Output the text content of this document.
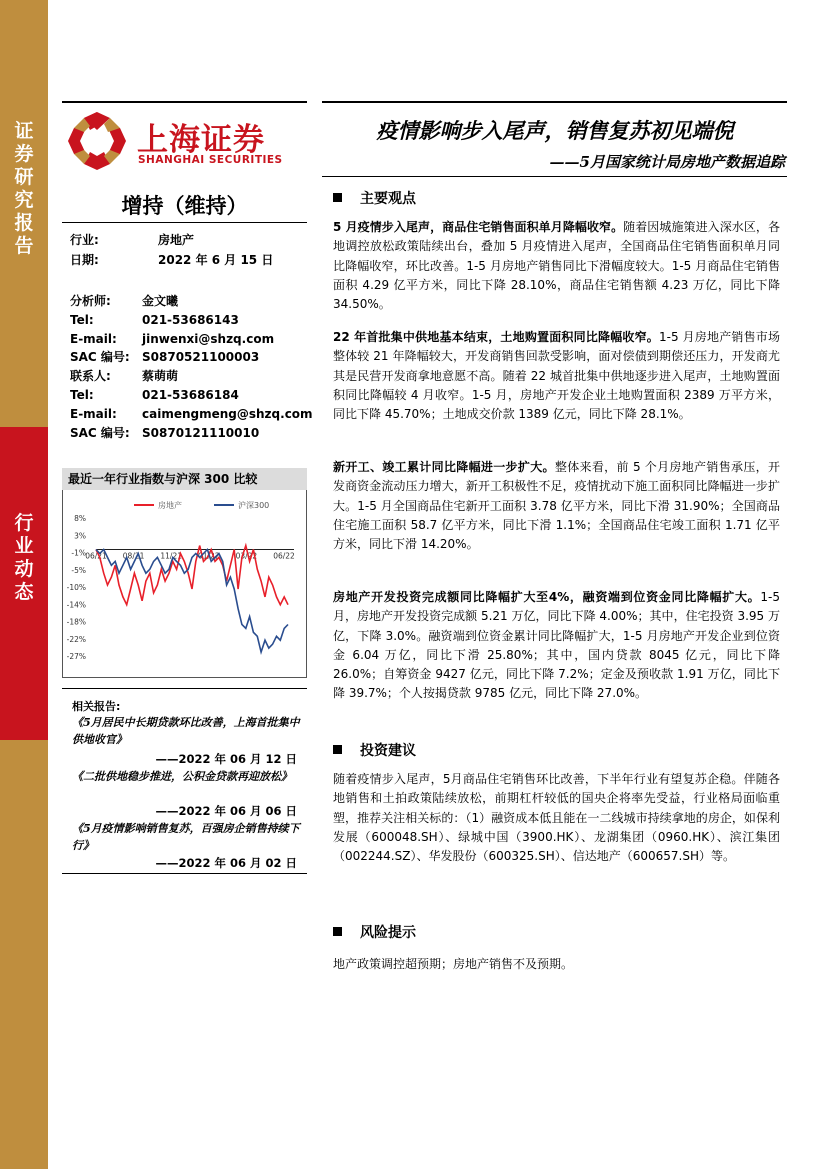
证
券
研
究
报
告
行
业
动
态
上海证券
SHANGHAI SECURITIES
疫情影响步入尾声，销售复苏初见端倪
——5月国家统计局房地产数据追踪
增持（维持）
行业:	房地产
日期:	2022 年 6 月 15 日
分析师:	金文曦
Tel:	021-53686143
E-mail: jinwenxi@shzq.com
SAC 编号: S0870521100003
联系人:	蔡萌萌
Tel:	021-53686184
E-mail: caimengmeng@shzq.com
SAC 编号: S0870121110010
最近一年行业指数与沪深 300 比较
房地产	沪深300
8%
3%
-1%
-5%
-10%
-14%
-18%
-22%
-27%
06/21 08/21 11/21 01/22 03/22 06/22
相关报告:
《5月居民中长期贷款环比改善，上海首批集中供地收官》
——2022 年 06 月 12 日
《二批供地稳步推进，公积金贷款再迎放松》
——2022 年 06 月 06 日
《5月疫情影响销售复苏，百强房企销售持续下行》
——2022 年 06 月 02 日
主要观点
5 月疫情步入尾声，商品住宅销售面积单月降幅收窄。随着因城施策进入深水区，各地调控放松政策陆续出台，叠加 5 月疫情进入尾声，全国商品住宅销售面积单月同比降幅收窄，环比改善。1-5 月房地产销售同比下滑幅度较大。1-5 月商品住宅销售面积 4.29 亿平方米，同比下降 28.10%，商品住宅销售额 4.23 万亿，同比下降 34.50%。
22 年首批集中供地基本结束，土地购置面积同比降幅收窄。1-5 月房地产销售市场整体较 21 年降幅较大，开发商销售回款受影响，面对偿债到期偿还压力，开发商尤其是民营开发商拿地意愿不高。随着 22 城首批集中供地逐步进入尾声，土地购置面积同比降幅较 4 月收窄。1-5 月，房地产开发企业土地购置面积 2389 万平方米，同比下降 45.70%；土地成交价款 1389 亿元，同比下降 28.1%。
新开工、竣工累计同比降幅进一步扩大。整体来看，前 5 个月房地产销售承压，开发商资金流动压力增大，新开工积极性不足，疫情扰动下施工面积同比降幅进一步扩大。1-5 月全国商品住宅新开工面积 3.78 亿平方米，同比下滑 31.90%；全国商品住宅施工面积 58.7 亿平方米，同比下滑 1.1%；全国商品住宅竣工面积 1.71 亿平方米，同比下滑 14.20%。
房地产开发投资完成额同比降幅扩大至4%，融资端到位资金同比降幅扩大。1-5 月，房地产开发投资完成额 5.21 万亿，同比下降 4.00%；其中，住宅投资 3.95 万亿，下降 3.0%。融资端到位资金累计同比降幅扩大，1-5 月房地产开发企业到位资金 6.04 万亿，同比下滑 25.80%；其中，国内贷款 8045 亿元，同比下降 26.0%；自筹资金 9427 亿元，同比下降 7.2%；定金及预收款 1.91 万亿，同比下降 39.7%；个人按揭贷款 9785 亿元，同比下降 27.0%。
投资建议
随着疫情步入尾声，5月商品住宅销售环比改善，下半年行业有望复苏企稳。伴随各地销售和土拍政策陆续放松，前期杠杆较低的国央企将率先受益，行业格局面临重塑，推荐关注相关标的：（1）融资成本低且能在一二线城市持续拿地的房企，如保利发展（600048.SH）、绿城中国（3900.HK）、龙湖集团（0960.HK）、滨江集团（002244.SZ）、华发股份（600325.SH）、信达地产（600657.SH）等。
风险提示
地产政策调控超预期；房地产销售不及预期。
